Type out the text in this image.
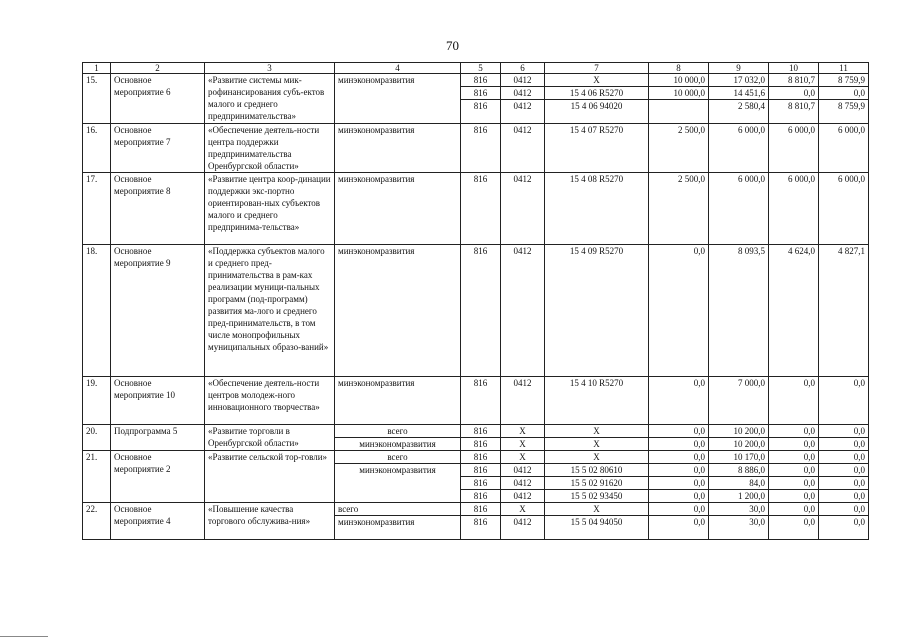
70
1	2	3	4	5	6	7	8	9	10	11
15.	Основное мероприятие 6	«Развитие системы мик-рофинансирования субъ-ектов малого и среднего предпринимательства»	минэкономразвития	816	0412	X	10 000,0	17 032,0	8 810,7	8 759,9
				816	0412	15 4 06 R5270	10 000,0	14 451,6	0,0	0,0
				816	0412	15 4 06 94020		2 580,4	8 810,7	8 759,9
16.	Основное мероприятие 7	«Обеспечение деятель-ности центра поддержки предпринимательства Оренбургской области»	минэкономразвития	816	0412	15 4 07 R5270	2 500,0	6 000,0	6 000,0	6 000,0
17.	Основное мероприятие 8	«Развитие центра коор-динации поддержки экс-портно ориентирован-ных субъектов малого и среднего предпринима-тельства»	минэкономразвития	816	0412	15 4 08 R5270	2 500,0	6 000,0	6 000,0	6 000,0
18.	Основное мероприятие 9	«Поддержка субъектов малого и среднего пред-принимательства в рам-ках реализации муници-пальных программ (под-программ) развития ма-лого и среднего пред-принимательств, в том числе монопрофильных муниципальных образо-ваний»	минэкономразвития	816	0412	15 4 09 R5270	0,0	8 093,5	4 624,0	4 827,1
19.	Основное мероприятие 10	«Обеспечение деятель-ности центров молодеж-ного инновационного творчества»	минэкономразвития	816	0412	15 4 10 R5270	0,0	7 000,0	0,0	0,0
20.	Подпрограмма 5	«Развитие торговли в Оренбургской области»	всего	816	X	X	0,0	10 200,0	0,0	0,0
			минэкономразвития	816	X	X	0,0	10 200,0	0,0	0,0
21.	Основное мероприятие 2	«Развитие сельской тор-говли»	всего	816	X	X	0,0	10 170,0	0,0	0,0
			минэкономразвития	816	0412	15 5 02 80610	0,0	8 886,0	0,0	0,0
				816	0412	15 5 02 91620	0,0	84,0	0,0	0,0
				816	0412	15 5 02 93450	0,0	1 200,0	0,0	0,0
22.	Основное мероприятие 4	«Повышение качества торгового обслужива-ния»	всего	816	X	X	0,0	30,0	0,0	0,0
			минэкономразвития	816	0412	15 5 04 94050	0,0	30,0	0,0	0,0
